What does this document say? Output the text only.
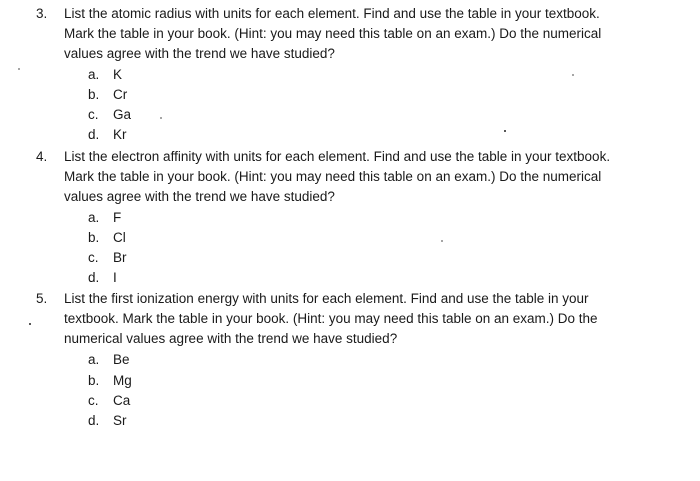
3.	List the atomic radius with units for each element. Find and use the table in your textbook.
Mark the table in your book. (Hint: you may need this table on an exam.) Do the numerical
values agree with the trend we have studied?
a. K
b. Cr
c. Ga
d. Kr
4.	List the electron affinity with units for each element. Find and use the table in your textbook.
Mark the table in your book. (Hint: you may need this table on an exam.) Do the numerical
values agree with the trend we have studied?
a. F
b. Cl
c. Br
d. I
5.	List the first ionization energy with units for each element. Find and use the table in your
textbook. Mark the table in your book. (Hint: you may need this table on an exam.) Do the
numerical values agree with the trend we have studied?
a. Be
b. Mg
c. Ca
d. Sr
